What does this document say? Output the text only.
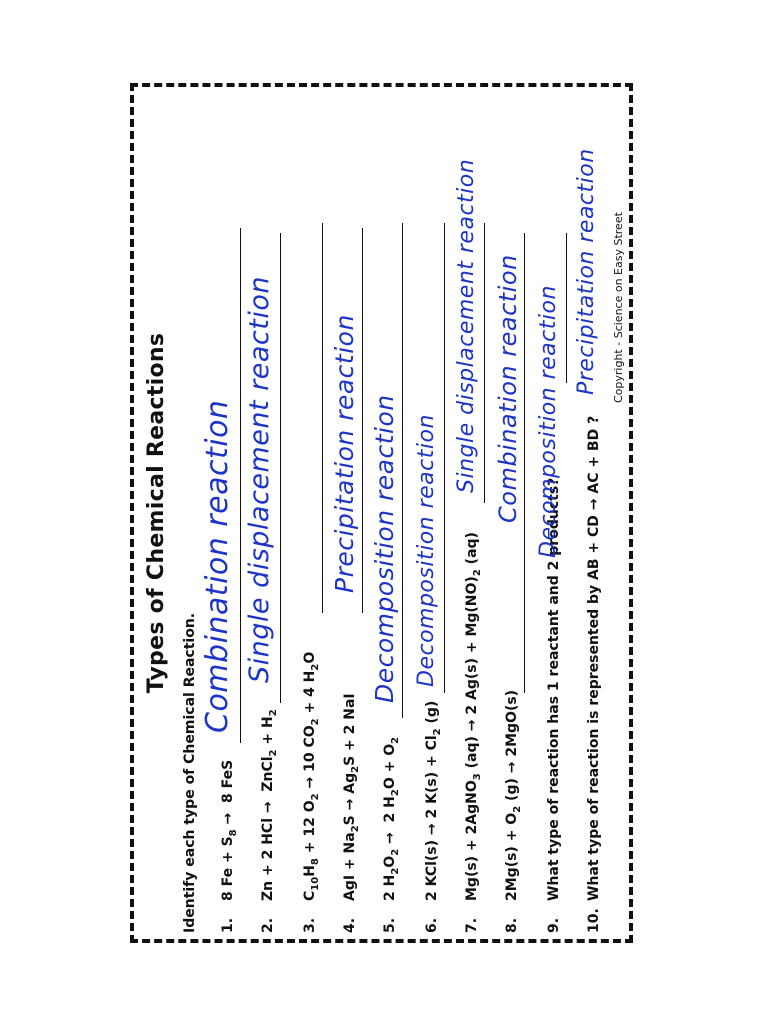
Types of Chemical Reactions
Identify each type of Chemical Reaction. 1.
8 $Fe + S_8 \to 8$ FeS
Combination reaction
2.
Zn + 2 HCl →  ZnCl$_2$ + $H_2$
Single displacement reaction
3.
$C_{10}H_8 + 12$ $O_2 \to 10$ $CO_2 + 4$ $H_2O$
4.
AgI + $Na_2S \to Ag_2S + 2$ NaI
Precipitation reaction
5.
2 $H_2O_2 \to 2$ $H_2O + O_2$
Decomposition reaction
6.
2 KCl(s) → 2 $K(s) + Cl_2$ (g)
Decomposition reaction
7.
Mg(s) + 2AgNO$_3$ (aq) → 2 $Ag(s) + Mg(NO)_2$ (aq)
Single displacement reaction
8.
$2Mg(s) + O_2$ (g) → 2MgO(s)
Combination reaction
9.
What type of reaction has 1 reactant and 2 products?
Decomposition reaction
10.
What type of reaction is represented by AB + CD → AC + BD ?
Precipitation reaction Copyright - Science on Easy Street
